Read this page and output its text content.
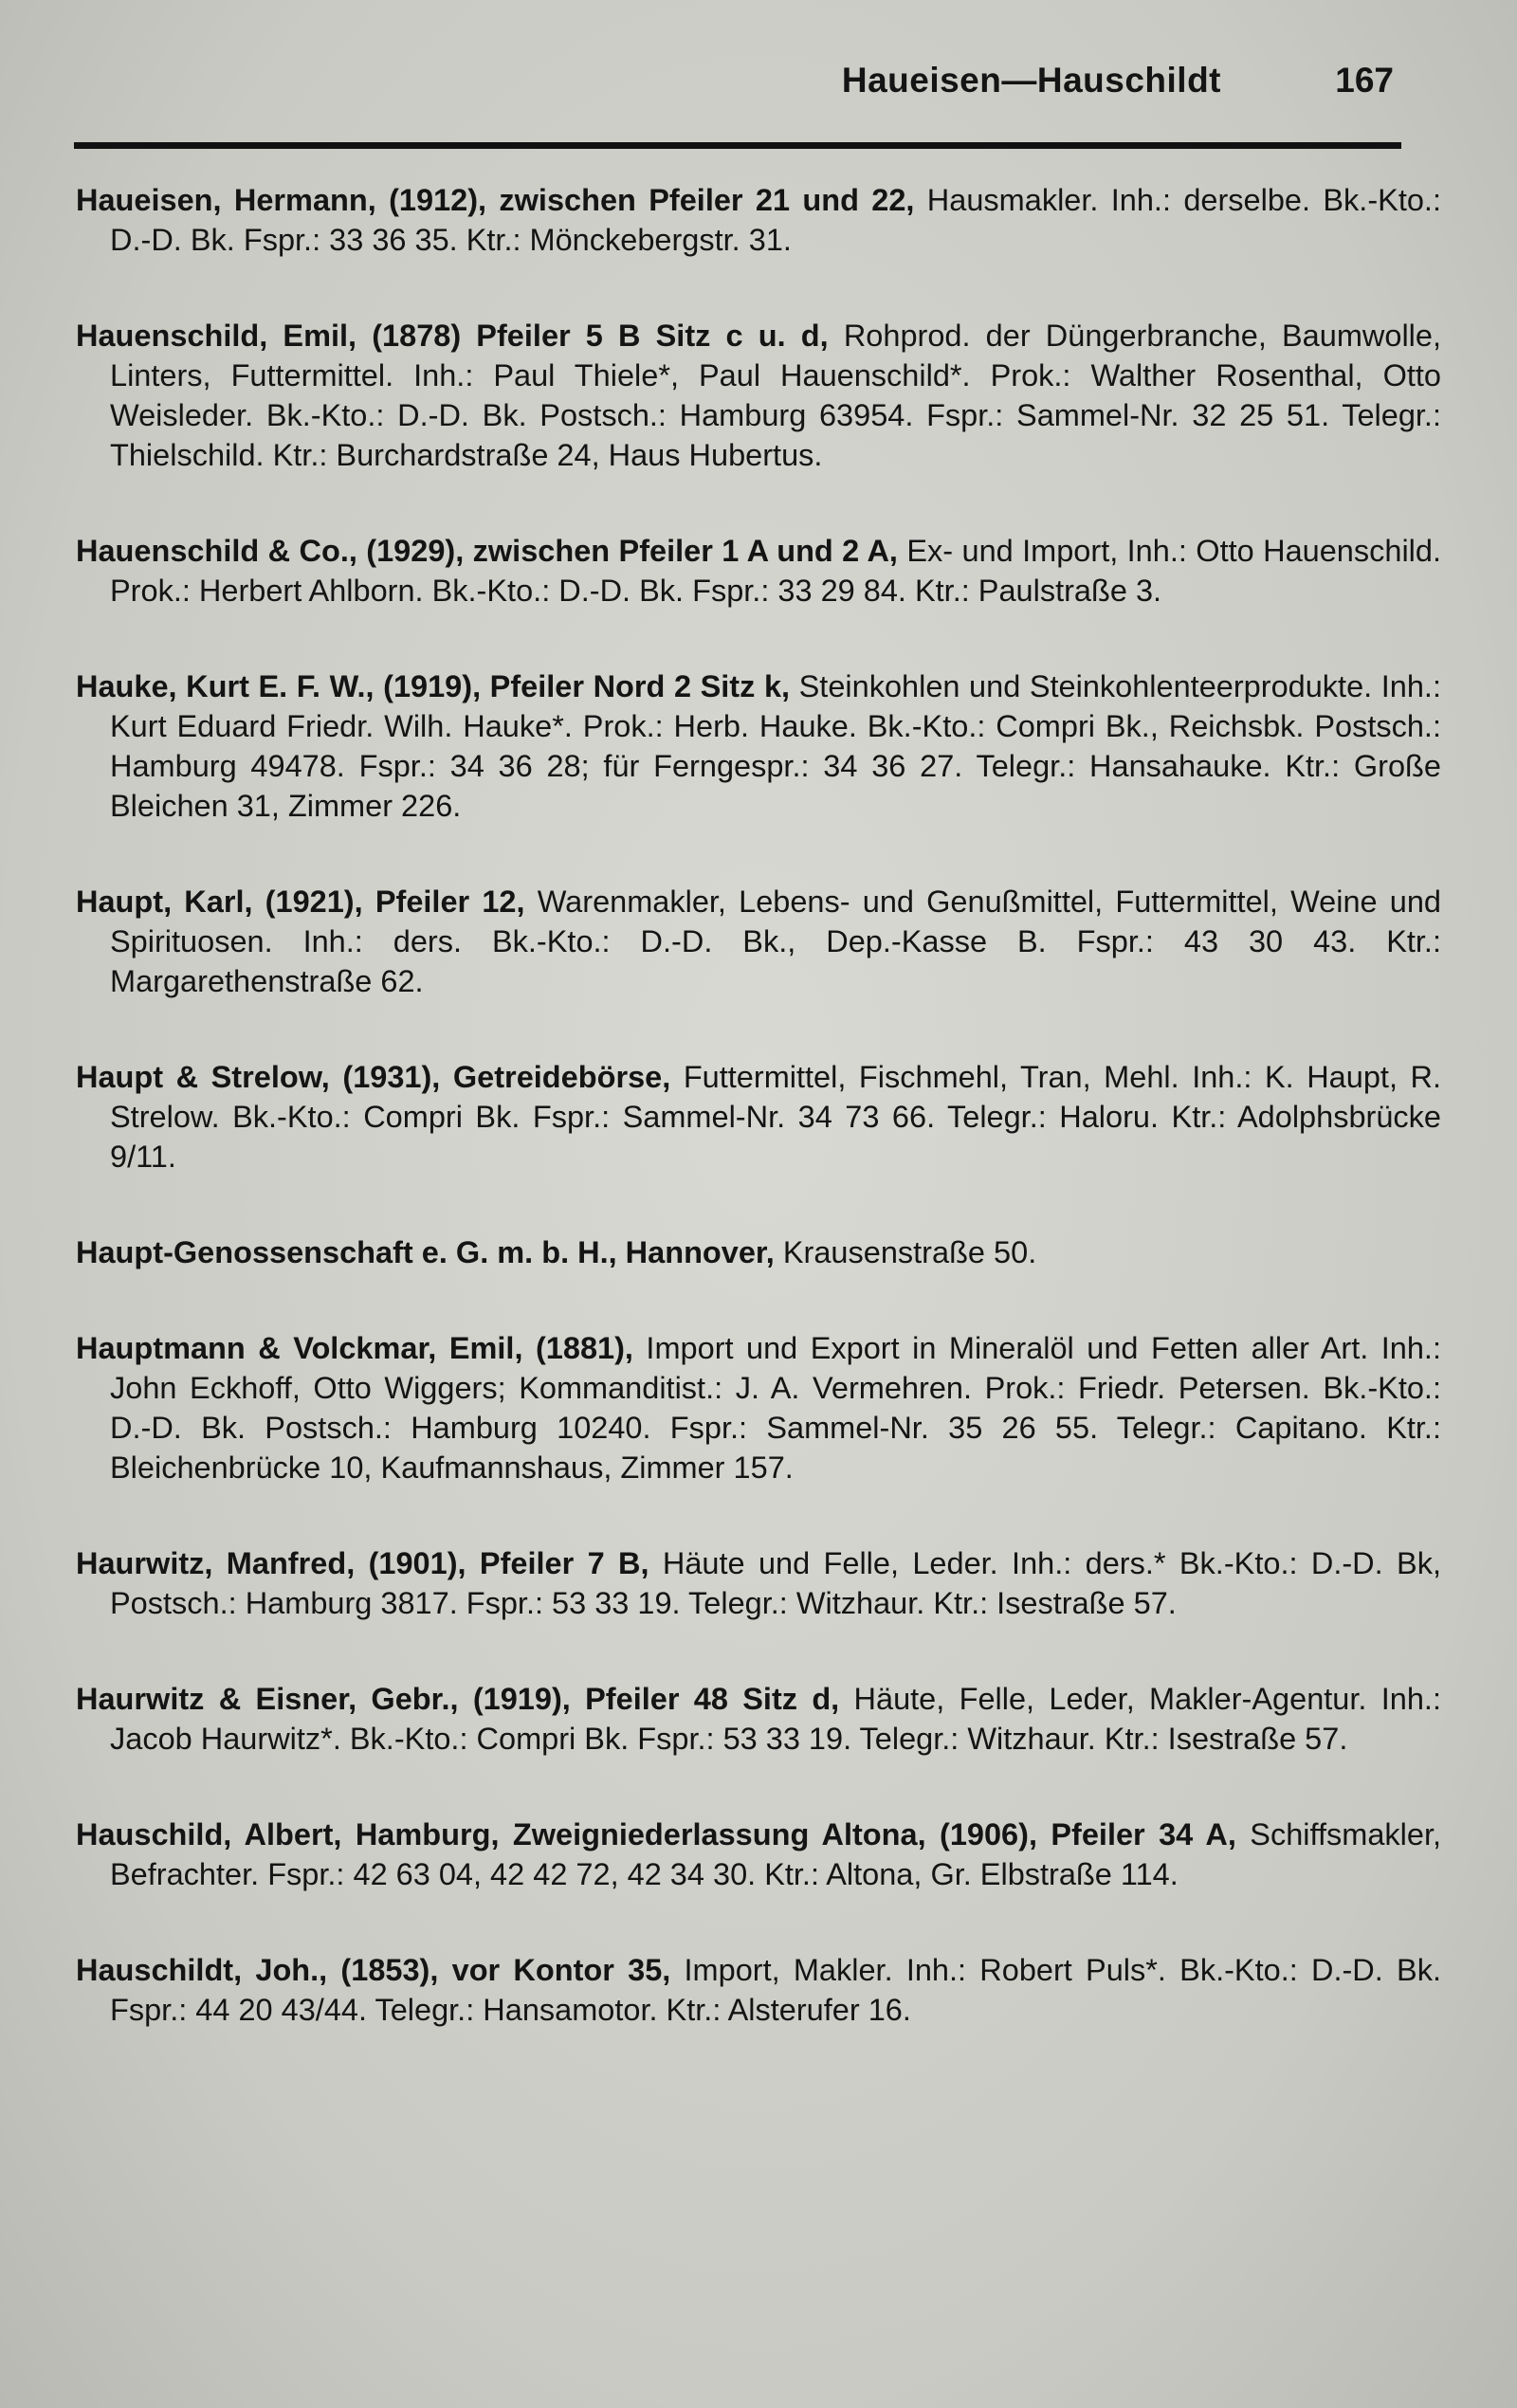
Haueisen—Hauschildt	167

Haueisen, Hermann, (1912), zwischen Pfeiler 21 und 22, Hausmakler. Inh.: derselbe. Bk.-Kto.: D.-D. Bk. Fspr.: 33 36 35. Ktr.: Mönckebergstr. 31.

Hauenschild, Emil, (1878) Pfeiler 5 B Sitz c u. d, Rohprod. der Düngerbranche, Baumwolle, Linters, Futtermittel. Inh.: Paul Thiele*, Paul Hauenschild*. Prok.: Walther Rosenthal, Otto Weisleder. Bk.-Kto.: D.-D. Bk. Postsch.: Hamburg 63954. Fspr.: Sammel-Nr. 32 25 51. Telegr.: Thielschild. Ktr.: Burchardstraße 24, Haus Hubertus.

Hauenschild & Co., (1929), zwischen Pfeiler 1 A und 2 A, Ex- und Import, Inh.: Otto Hauenschild. Prok.: Herbert Ahlborn. Bk.-Kto.: D.-D. Bk. Fspr.: 33 29 84. Ktr.: Paulstraße 3.

Hauke, Kurt E. F. W., (1919), Pfeiler Nord 2 Sitz k, Steinkohlen und Steinkohlenteerprodukte. Inh.: Kurt Eduard Friedr. Wilh. Hauke*. Prok.: Herb. Hauke. Bk.-Kto.: Compri Bk., Reichsbk. Postsch.: Hamburg 49478. Fspr.: 34 36 28; für Ferngespr.: 34 36 27. Telegr.: Hansahauke. Ktr.: Große Bleichen 31, Zimmer 226.

Haupt, Karl, (1921), Pfeiler 12, Warenmakler, Lebens- und Genußmittel, Futtermittel, Weine und Spirituosen. Inh.: ders. Bk.-Kto.: D.-D. Bk., Dep.-Kasse B. Fspr.: 43 30 43. Ktr.: Margarethenstraße 62.

Haupt & Strelow, (1931), Getreidebörse, Futtermittel, Fischmehl, Tran, Mehl. Inh.: K. Haupt, R. Strelow. Bk.-Kto.: Compri Bk. Fspr.: Sammel-Nr. 34 73 66. Telegr.: Haloru. Ktr.: Adolphsbrücke 9/11.

Haupt-Genossenschaft e. G. m. b. H., Hannover, Krausenstraße 50.

Hauptmann & Volckmar, Emil, (1881), Import und Export in Mineralöl und Fetten aller Art. Inh.: John Eckhoff, Otto Wiggers; Kommanditist.: J. A. Vermehren. Prok.: Friedr. Petersen. Bk.-Kto.: D.-D. Bk. Postsch.: Hamburg 10240. Fspr.: Sammel-Nr. 35 26 55. Telegr.: Capitano. Ktr.: Bleichenbrücke 10, Kaufmannshaus, Zimmer 157.

Haurwitz, Manfred, (1901), Pfeiler 7 B, Häute und Felle, Leder. Inh.: ders.* Bk.-Kto.: D.-D. Bk, Postsch.: Hamburg 3817. Fspr.: 53 33 19. Telegr.: Witzhaur. Ktr.: Isestraße 57.

Haurwitz & Eisner, Gebr., (1919), Pfeiler 48 Sitz d, Häute, Felle, Leder, Makler-Agentur. Inh.: Jacob Haurwitz*. Bk.-Kto.: Compri Bk. Fspr.: 53 33 19. Telegr.: Witzhaur. Ktr.: Isestraße 57.

Hauschild, Albert, Hamburg, Zweigniederlassung Altona, (1906), Pfeiler 34 A, Schiffsmakler, Befrachter. Fspr.: 42 63 04, 42 42 72, 42 34 30. Ktr.: Altona, Gr. Elbstraße 114.

Hauschildt, Joh., (1853), vor Kontor 35, Import, Makler. Inh.: Robert Puls*. Bk.-Kto.: D.-D. Bk. Fspr.: 44 20 43/44. Telegr.: Hansamotor. Ktr.: Alsterufer 16.
